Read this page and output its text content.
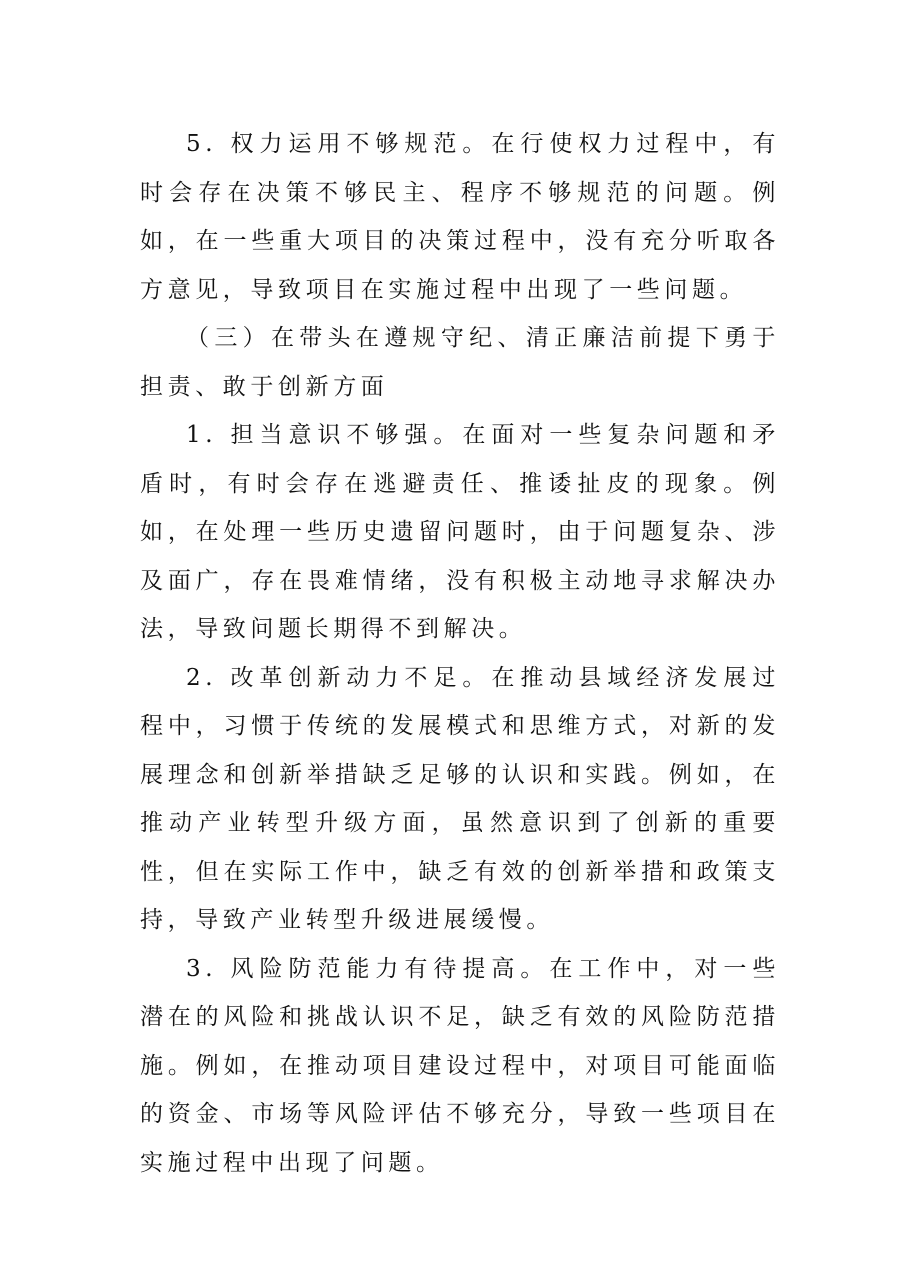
5. 权力运用不够规范。在行使权力过程中，有时会存在决策不够民主、程序不够规范的问题。例如，在一些重大项目的决策过程中，没有充分听取各方意见，导致项目在实施过程中出现了一些问题。

（三）在带头在遵规守纪、清正廉洁前提下勇于担责、敢于创新方面

1. 担当意识不够强。在面对一些复杂问题和矛盾时，有时会存在逃避责任、推诿扯皮的现象。例如，在处理一些历史遗留问题时，由于问题复杂、涉及面广，存在畏难情绪，没有积极主动地寻求解决办法，导致问题长期得不到解决。

2. 改革创新动力不足。在推动县域经济发展过程中，习惯于传统的发展模式和思维方式，对新的发展理念和创新举措缺乏足够的认识和实践。例如，在推动产业转型升级方面，虽然意识到了创新的重要性，但在实际工作中，缺乏有效的创新举措和政策支持，导致产业转型升级进展缓慢。

3. 风险防范能力有待提高。在工作中，对一些潜在的风险和挑战认识不足，缺乏有效的风险防范措施。例如，在推动项目建设过程中，对项目可能面临的资金、市场等风险评估不够充分，导致一些项目在实施过程中出现了问题。
